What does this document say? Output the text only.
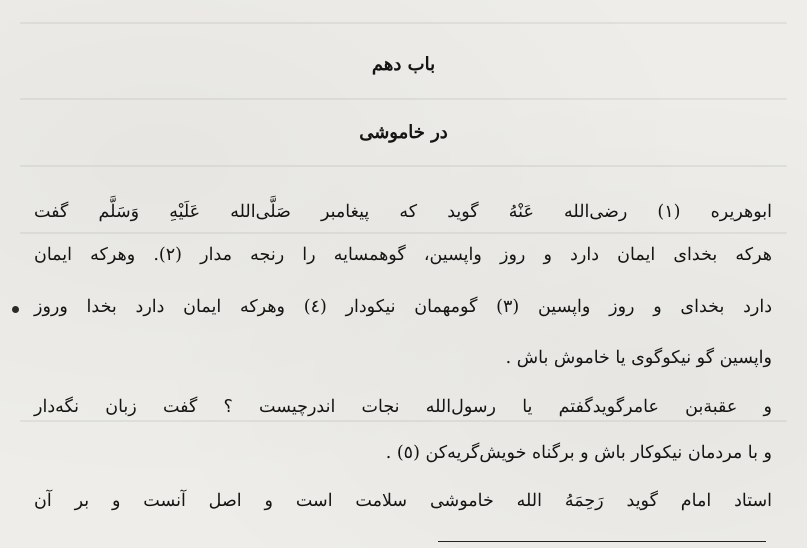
باب دهم
در خاموشی
ابوهریره (۱) رضی‌الله عَنْهُ گوید که پیغامبر صَلَّی‌الله عَلَیْهِ وَسَلَّم گفت
هرکه بخدای ایمان دارد و روز واپسین، گوهمسایه را رنجه مدار (۲). وهرکه ایمان
دارد بخدای و روز واپسین (۳) گومهمان نیکودار (٤) وهرکه ایمان دارد بخدا وروز
واپسین گو نیکوگوی یا خاموش باش .
و عقبة‌بن عامرگویدگفتم یا رسول‌الله نجات اندرچیست ؟ گفت زبان نگه‌دار
و با مردمان نیکوکار باش و برگناه خویش‌گریه‌کن (٥) .
استاد امام گوید رَحِمَهُ الله خاموشی سلامت است و اصل آنست و بر آن
